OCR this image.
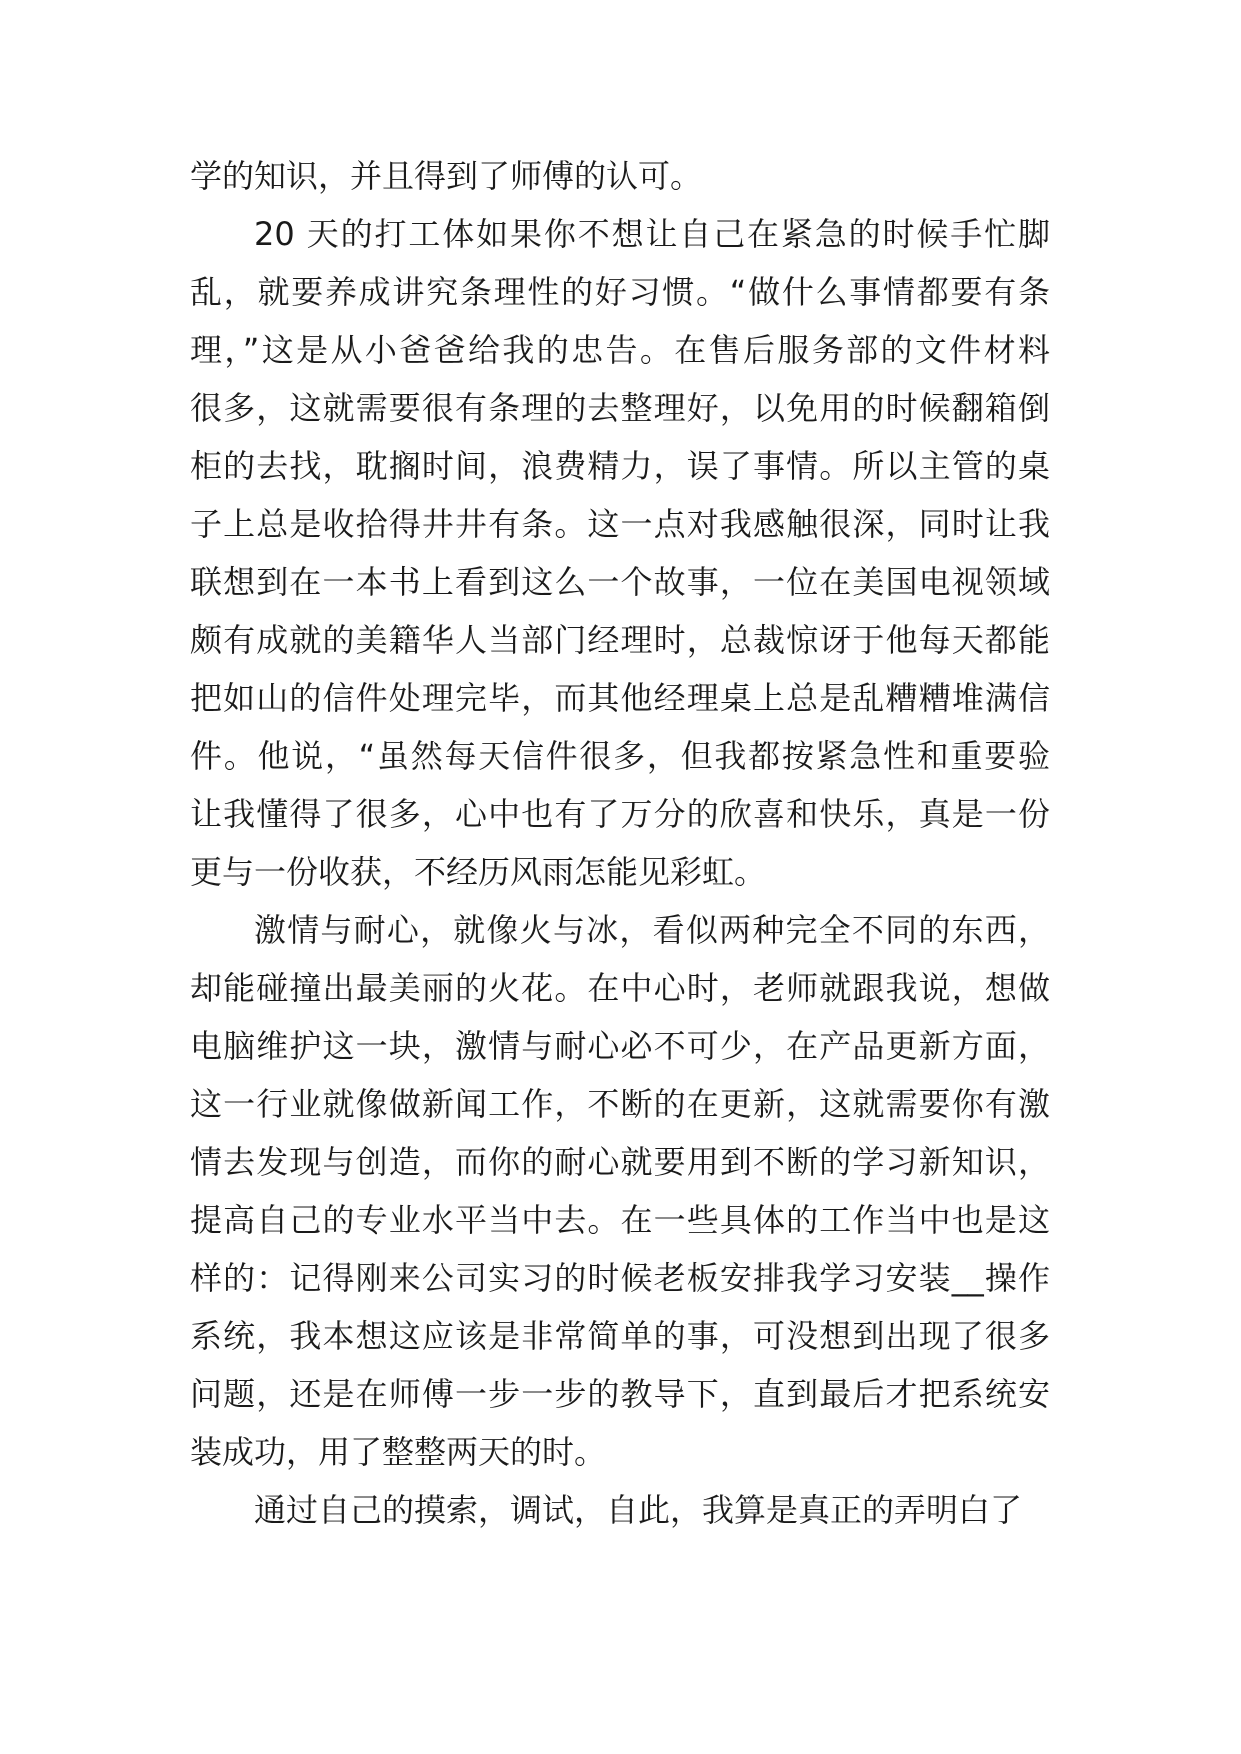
学的知识，并且得到了师傅的认可。
20 天的打工体如果你不想让自己在紧急的时候手忙脚
乱，就要养成讲究条理性的好习惯。“做什么事情都要有条
理，”这是从小爸爸给我的忠告。在售后服务部的文件材料
很多，这就需要很有条理的去整理好，以免用的时候翻箱倒
柜的去找，耽搁时间，浪费精力，误了事情。所以主管的桌
子上总是收拾得井井有条。这一点对我感触很深，同时让我
联想到在一本书上看到这么一个故事，一位在美国电视领域
颇有成就的美籍华人当部门经理时，总裁惊讶于他每天都能
把如山的信件处理完毕，而其他经理桌上总是乱糟糟堆满信
件。他说，“虽然每天信件很多，但我都按紧急性和重要验
让我懂得了很多，心中也有了万分的欣喜和快乐，真是一份
更与一份收获，不经历风雨怎能见彩虹。
激情与耐心，就像火与冰，看似两种完全不同的东西，
却能碰撞出最美丽的火花。在中心时，老师就跟我说，想做
电脑维护这一块，激情与耐心必不可少，在产品更新方面，
这一行业就像做新闻工作，不断的在更新，这就需要你有激
情去发现与创造，而你的耐心就要用到不断的学习新知识，
提高自己的专业水平当中去。在一些具体的工作当中也是这
样的：记得刚来公司实习的时候老板安排我学习安装__操作
系统，我本想这应该是非常简单的事，可没想到出现了很多
问题，还是在师傅一步一步的教导下，直到最后才把系统安
装成功，用了整整两天的时。
通过自己的摸索，调试，自此，我算是真正的弄明白了
